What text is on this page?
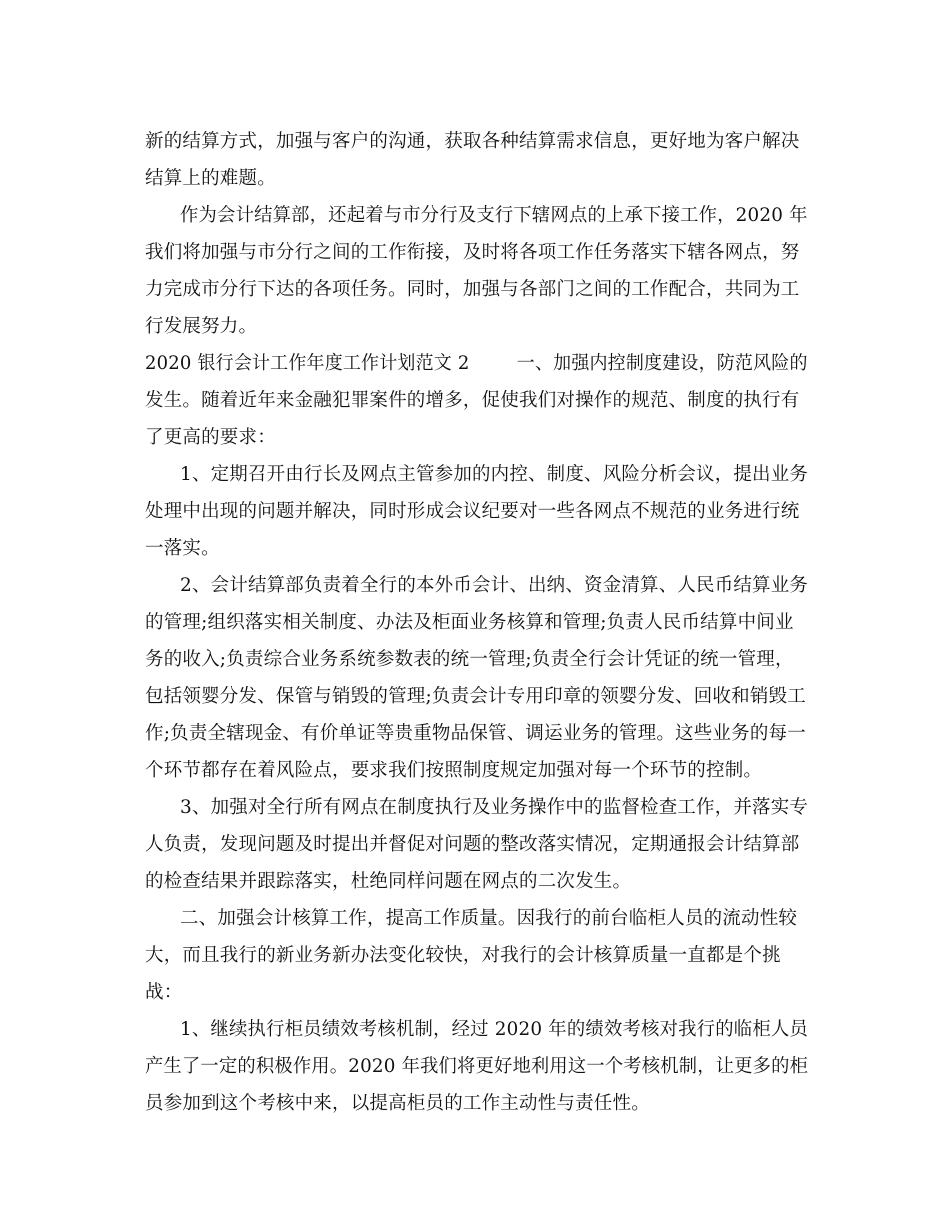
新的结算方式，加强与客户的沟通，获取各种结算需求信息，更好地为客户解决
结算上的难题。
作为会计结算部，还起着与市分行及支行下辖网点的上承下接工作，2020 年
我们将加强与市分行之间的工作衔接，及时将各项工作任务落实下辖各网点，努
力完成市分行下达的各项任务。同时，加强与各部门之间的工作配合，共同为工
行发展努力。
2020 银行会计工作年度工作计划范文 2        一、加强内控制度建设，防范风险的
发生。随着近年来金融犯罪案件的增多，促使我们对操作的规范、制度的执行有
了更高的要求：
1、定期召开由行长及网点主管参加的内控、制度、风险分析会议，提出业务
处理中出现的问题并解决，同时形成会议纪要对一些各网点不规范的业务进行统
一落实。
2、会计结算部负责着全行的本外币会计、出纳、资金清算、人民币结算业务
的管理;组织落实相关制度、办法及柜面业务核算和管理;负责人民币结算中间业
务的收入;负责综合业务系统参数表的统一管理;负责全行会计凭证的统一管理，
包括领婴分发、保管与销毁的管理;负责会计专用印章的领婴分发、回收和销毁工
作;负责全辖现金、有价单证等贵重物品保管、调运业务的管理。这些业务的每一
个环节都存在着风险点，要求我们按照制度规定加强对每一个环节的控制。
3、加强对全行所有网点在制度执行及业务操作中的监督检查工作，并落实专
人负责，发现问题及时提出并督促对问题的整改落实情况，定期通报会计结算部
的检查结果并跟踪落实，杜绝同样问题在网点的二次发生。
二、加强会计核算工作，提高工作质量。因我行的前台临柜人员的流动性较
大，而且我行的新业务新办法变化较快，对我行的会计核算质量一直都是个挑
战：
1、继续执行柜员绩效考核机制，经过 2020 年的绩效考核对我行的临柜人员
产生了一定的积极作用。2020 年我们将更好地利用这一个考核机制，让更多的柜
员参加到这个考核中来，以提高柜员的工作主动性与责任性。
